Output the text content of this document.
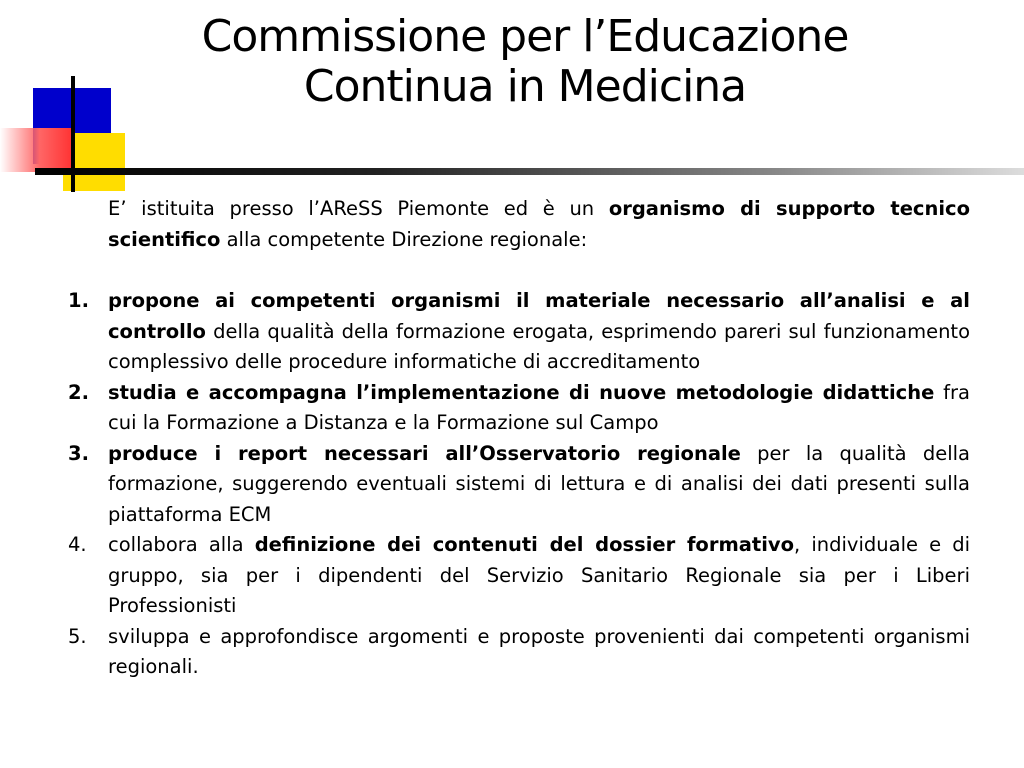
Commissione per l’Educazione
Continua in Medicina

E’ istituita presso l’AReSS Piemonte ed è un organismo di supporto tecnico scientifico alla competente Direzione regionale:

1. propone ai competenti organismi il materiale necessario all’analisi e al controllo della qualità della formazione erogata, esprimendo pareri sul funzionamento complessivo delle procedure informatiche di accreditamento
2. studia e accompagna l’implementazione di nuove metodologie didattiche fra cui la Formazione a Distanza e la Formazione sul Campo
3. produce i report necessari all’Osservatorio regionale per la qualità della formazione, suggerendo eventuali sistemi di lettura e di analisi dei dati presenti sulla piattaforma ECM
4. collabora alla definizione dei contenuti del dossier formativo, individuale e di gruppo, sia per i dipendenti del Servizio Sanitario Regionale sia per i Liberi Professionisti
5. sviluppa e approfondisce argomenti e proposte provenienti dai competenti organismi regionali.
